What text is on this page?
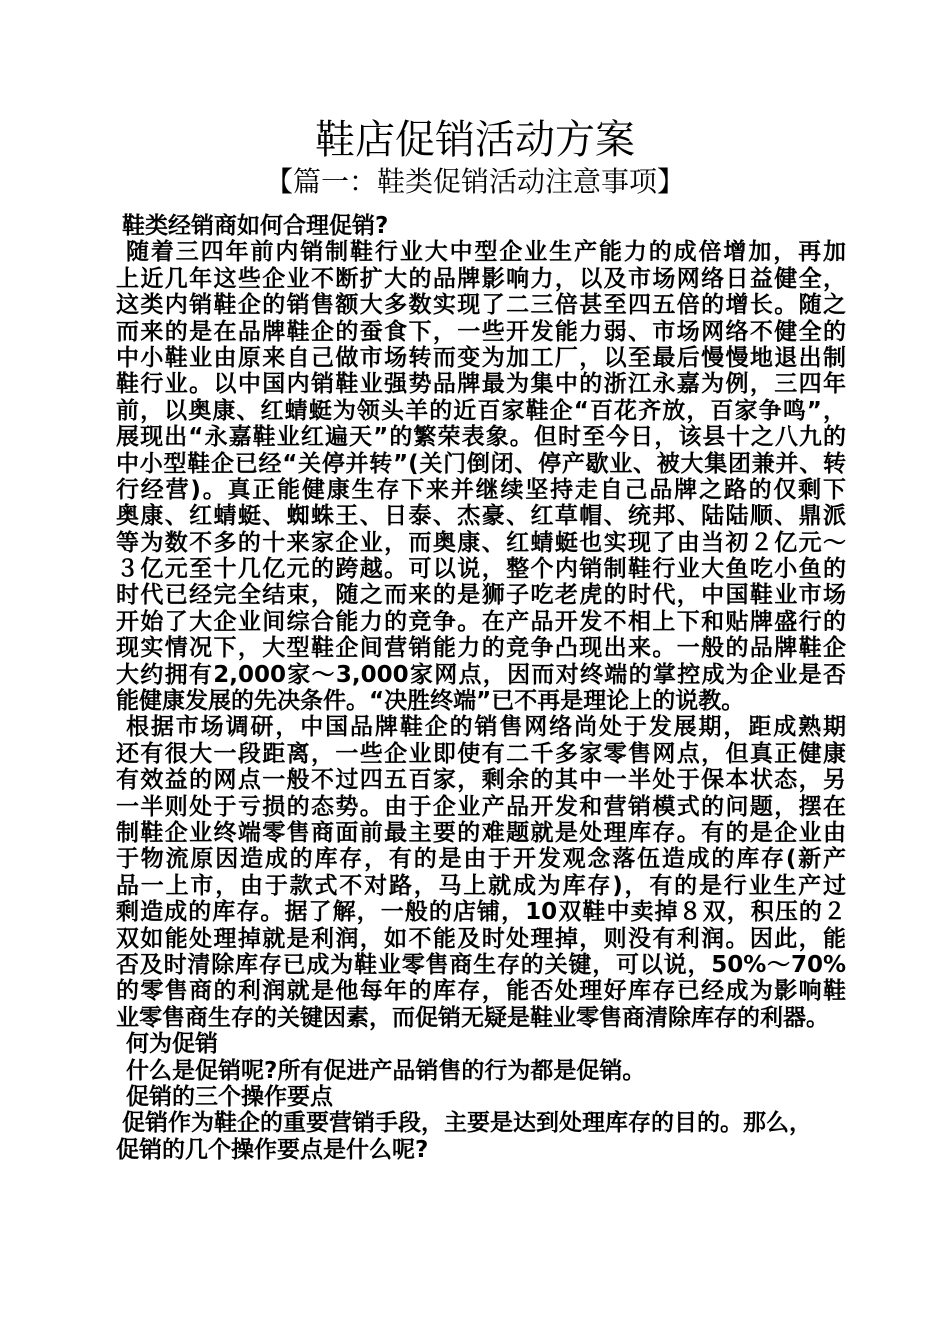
鞋店促销活动方案
【篇一：鞋类促销活动注意事项】
鞋类经销商如何合理促销?
随着三四年前内销制鞋行业大中型企业生产能力的成倍增加，再加
上近几年这些企业不断扩大的品牌影响力，以及市场网络日益健全，
这类内销鞋企的销售额大多数实现了二三倍甚至四五倍的增长。随之
而来的是在品牌鞋企的蚕食下，一些开发能力弱、市场网络不健全的
中小鞋业由原来自己做市场转而变为加工厂，以至最后慢慢地退出制
鞋行业。以中国内销鞋业强势品牌最为集中的浙江永嘉为例，三四年
前，以奥康、红蜻蜓为领头羊的近百家鞋企“百花齐放，百家争鸣”，
展现出“永嘉鞋业红遍天”的繁荣表象。但时至今日，该县十之八九的
中小型鞋企已经“关停并转”(关门倒闭、停产歇业、被大集团兼并、转
行经营)。真正能健康生存下来并继续坚持走自己品牌之路的仅剩下
奥康、红蜻蜓、蜘蛛王、日泰、杰豪、红草帽、统邦、陆陆顺、鼎派
等为数不多的十来家企业，而奥康、红蜻蜓也实现了由当初２亿元～
３亿元至十几亿元的跨越。可以说，整个内销制鞋行业大鱼吃小鱼的
时代已经完全结束，随之而来的是狮子吃老虎的时代，中国鞋业市场
开始了大企业间综合能力的竞争。在产品开发不相上下和贴牌盛行的
现实情况下，大型鞋企间营销能力的竞争凸现出来。一般的品牌鞋企
大约拥有2,000家～3,000家网点，因而对终端的掌控成为企业是否
能健康发展的先决条件。“决胜终端”已不再是理论上的说教。
根据市场调研，中国品牌鞋企的销售网络尚处于发展期，距成熟期
还有很大一段距离，一些企业即使有二千多家零售网点，但真正健康
有效益的网点一般不过四五百家，剩余的其中一半处于保本状态，另
一半则处于亏损的态势。由于企业产品开发和营销模式的问题，摆在
制鞋企业终端零售商面前最主要的难题就是处理库存。有的是企业由
于物流原因造成的库存，有的是由于开发观念落伍造成的库存(新产
品一上市，由于款式不对路，马上就成为库存)，有的是行业生产过
剩造成的库存。据了解，一般的店铺，10双鞋中卖掉８双，积压的２
双如能处理掉就是利润，如不能及时处理掉，则没有利润。因此，能
否及时清除库存已成为鞋业零售商生存的关键，可以说，50%～70%
的零售商的利润就是他每年的库存，能否处理好库存已经成为影响鞋
业零售商生存的关键因素，而促销无疑是鞋业零售商清除库存的利器。
何为促销
什么是促销呢?所有促进产品销售的行为都是促销。
促销的三个操作要点
促销作为鞋企的重要营销手段，主要是达到处理库存的目的。那么，
促销的几个操作要点是什么呢?
